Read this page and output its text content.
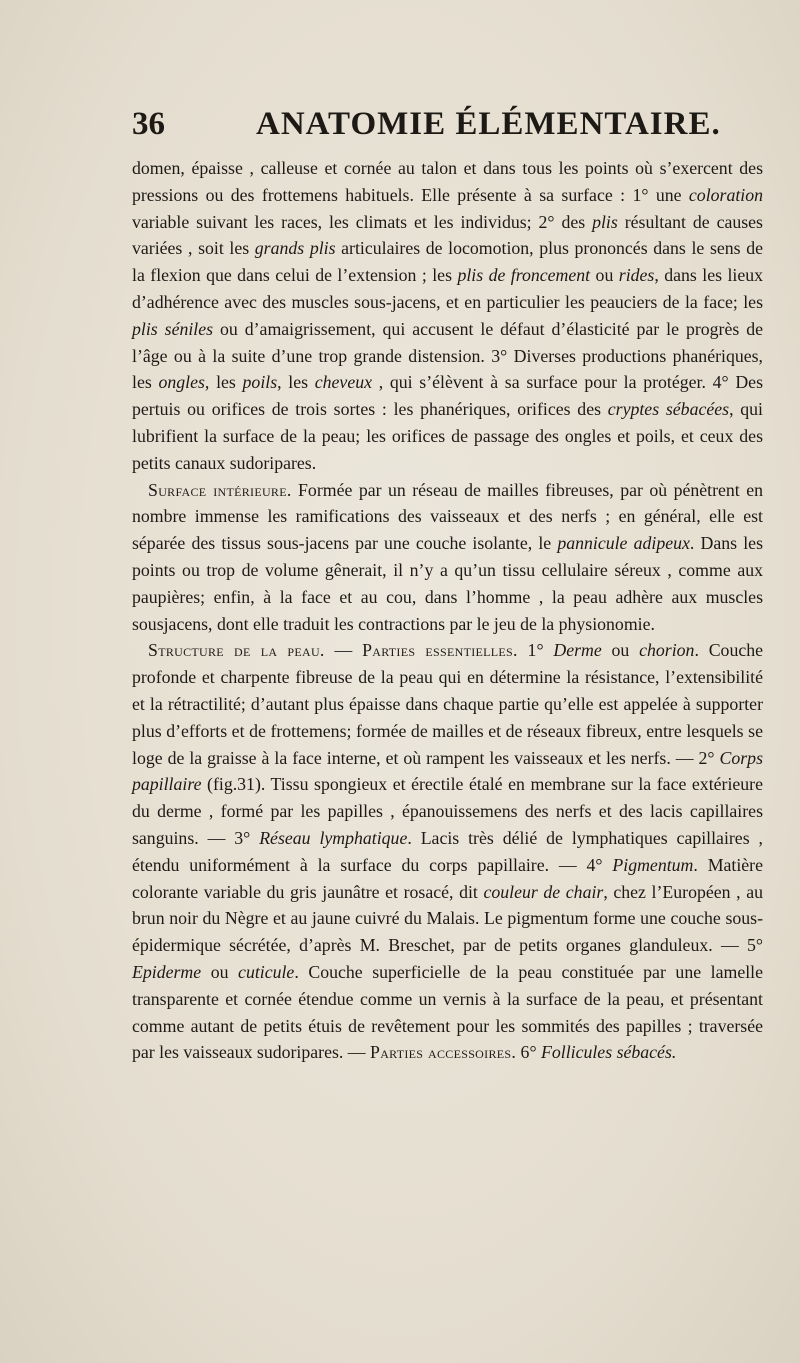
36	ANATOMIE ÉLÉMENTAIRE.

domen, épaisse , calleuse et cornée au talon et dans tous les points où s’exercent des pressions ou des frottemens habituels. Elle présente à sa surface : 1° une coloration variable suivant les races, les climats et les individus; 2° des plis résultant de causes variées , soit les grands plis articulaires de locomotion, plus prononcés dans le sens de la flexion que dans celui de l’extension ; les plis de froncement ou rides, dans les lieux d’adhérence avec des muscles sous-jacens, et en particulier les peauciers de la face; les plis séniles ou d’amaigrissement, qui accusent le défaut d’élasticité par le progrès de l’âge ou à la suite d’une trop grande distension. 3° Diverses productions phanériques, les ongles, les poils, les cheveux , qui s’élèvent à sa surface pour la protéger. 4° Des pertuis ou orifices de trois sortes : les phanériques, orifices des cryptes sébacées, qui lubrifient la surface de la peau; les orifices de passage des ongles et poils, et ceux des petits canaux sudoripares.

Surface intérieure. Formée par un réseau de mailles fibreuses, par où pénètrent en nombre immense les ramifications des vaisseaux et des nerfs ; en général, elle est séparée des tissus sous-jacens par une couche isolante, le pannicule adipeux. Dans les points ou trop de volume gênerait, il n’y a qu’un tissu cellulaire séreux , comme aux paupières; enfin, à la face et au cou, dans l’homme , la peau adhère aux muscles sousjacens, dont elle traduit les contractions par le jeu de la physionomie.

Structure de la peau. — Parties essentielles. 1° Derme ou chorion. Couche profonde et charpente fibreuse de la peau qui en détermine la résistance, l’extensibilité et la rétractilité; d’autant plus épaisse dans chaque partie qu’elle est appelée à supporter plus d’efforts et de frottemens; formée de mailles et de réseaux fibreux, entre lesquels se loge de la graisse à la face interne, et où rampent les vaisseaux et les nerfs. — 2° Corps papillaire (fig.31). Tissu spongieux et érectile étalé en membrane sur la face extérieure du derme , formé par les papilles , épanouissemens des nerfs et des lacis capillaires sanguins. — 3° Réseau lymphatique. Lacis très délié de lymphatiques capillaires , étendu uniformément à la surface du corps papillaire. — 4° Pigmentum. Matière colorante variable du gris jaunâtre et rosacé, dit couleur de chair, chez l’Européen , au brun noir du Nègre et au jaune cuivré du Malais. Le pigmentum forme une couche sous-épidermique sécrétée, d’après M. Breschet, par de petits organes glanduleux. — 5° Epiderme ou cuticule. Couche superficielle de la peau constituée par une lamelle transparente et cornée étendue comme un vernis à la surface de la peau, et présentant comme autant de petits étuis de revêtement pour les sommités des papilles ; traversée par les vaisseaux sudoripares. — Parties accessoires. 6° Follicules sébacés.
